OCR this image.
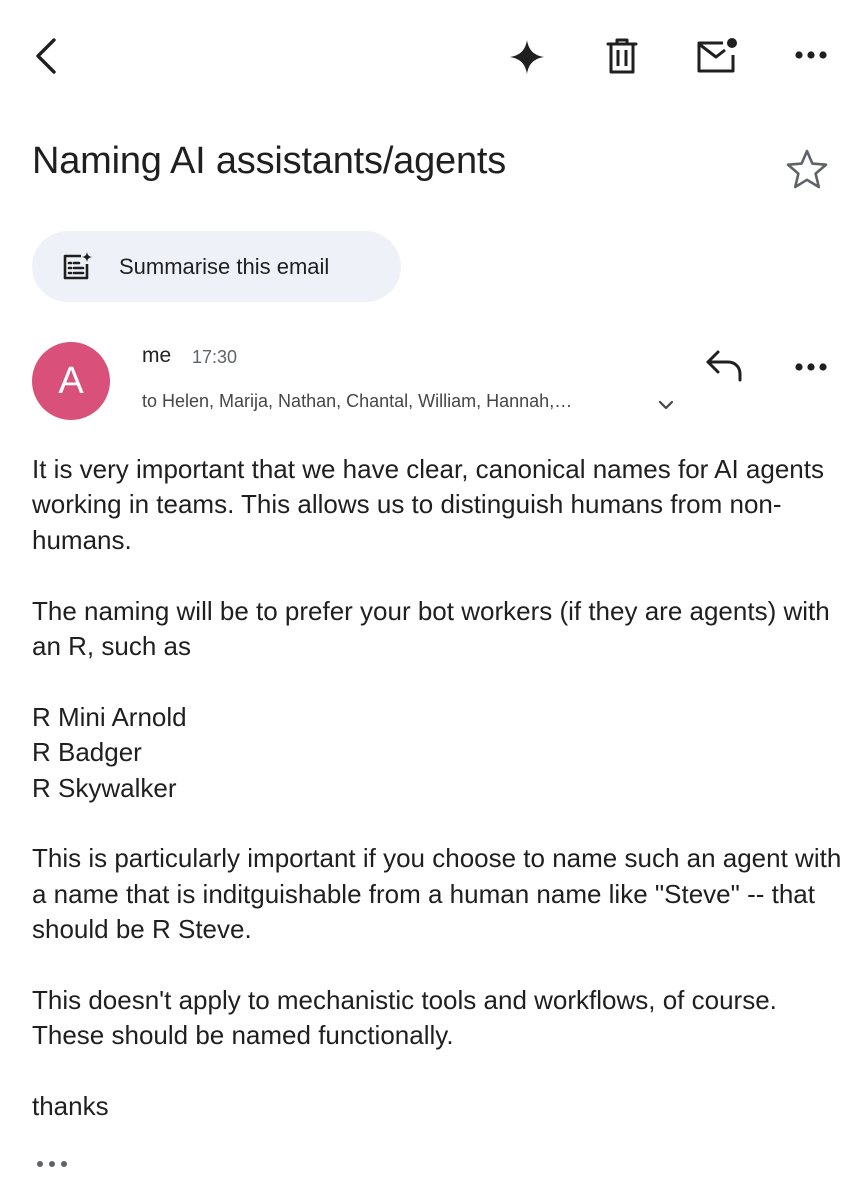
Naming AI assistants/agents
Summarise this email
A
me 17:30
to Helen, Marija, Nathan, Chantal, William, Hannah,…

It is very important that we have clear, canonical names for AI agents working in teams. This allows us to distinguish humans from non-humans.

The naming will be to prefer your bot workers (if they are agents) with an R, such as

R Mini Arnold
R Badger
R Skywalker

This is particularly important if you choose to name such an agent with a name that is inditguishable from a human name like "Steve" -- that should be R Steve.

This doesn't apply to mechanistic tools and workflows, of course. These should be named functionally.

thanks
